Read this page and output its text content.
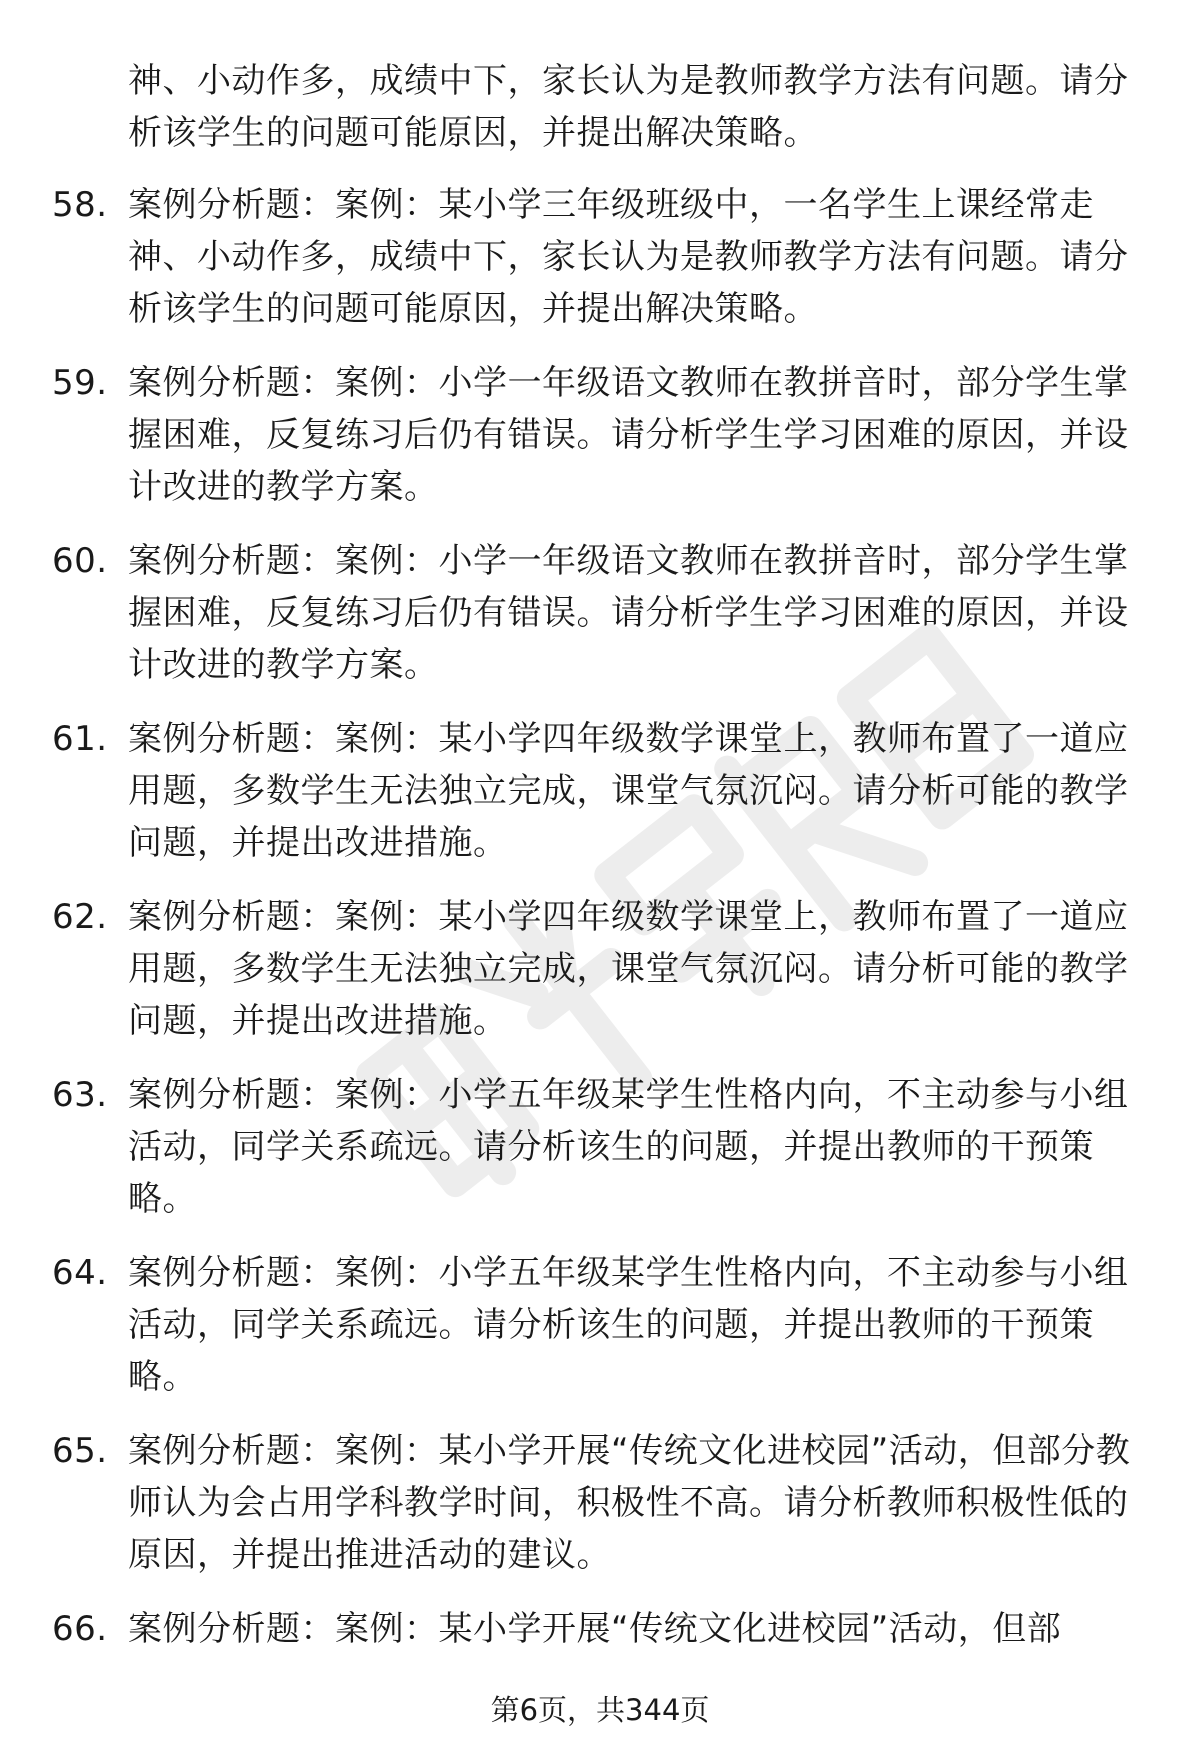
神、小动作多，成绩中下，家长认为是教师教学方法有问题。请分析该学生的问题可能原因，并提出解决策略。
58. 案例分析题：案例：某小学三年级班级中，一名学生上课经常走神、小动作多，成绩中下，家长认为是教师教学方法有问题。请分析该学生的问题可能原因，并提出解决策略。
59. 案例分析题：案例：小学一年级语文教师在教拼音时，部分学生掌握困难，反复练习后仍有错误。请分析学生学习困难的原因，并设计改进的教学方案。
60. 案例分析题：案例：小学一年级语文教师在教拼音时，部分学生掌握困难，反复练习后仍有错误。请分析学生学习困难的原因，并设计改进的教学方案。
61. 案例分析题：案例：某小学四年级数学课堂上，教师布置了一道应用题，多数学生无法独立完成，课堂气氛沉闷。请分析可能的教学问题，并提出改进措施。
62. 案例分析题：案例：某小学四年级数学课堂上，教师布置了一道应用题，多数学生无法独立完成，课堂气氛沉闷。请分析可能的教学问题，并提出改进措施。
63. 案例分析题：案例：小学五年级某学生性格内向，不主动参与小组活动，同学关系疏远。请分析该生的问题，并提出教师的干预策略。
64. 案例分析题：案例：小学五年级某学生性格内向，不主动参与小组活动，同学关系疏远。请分析该生的问题，并提出教师的干预策略。
65. 案例分析题：案例：某小学开展“传统文化进校园”活动，但部分教师认为会占用学科教学时间，积极性不高。请分析教师积极性低的原因，并提出推进活动的建议。
66. 案例分析题：案例：某小学开展“传统文化进校园”活动，但部
第6页，共344页
